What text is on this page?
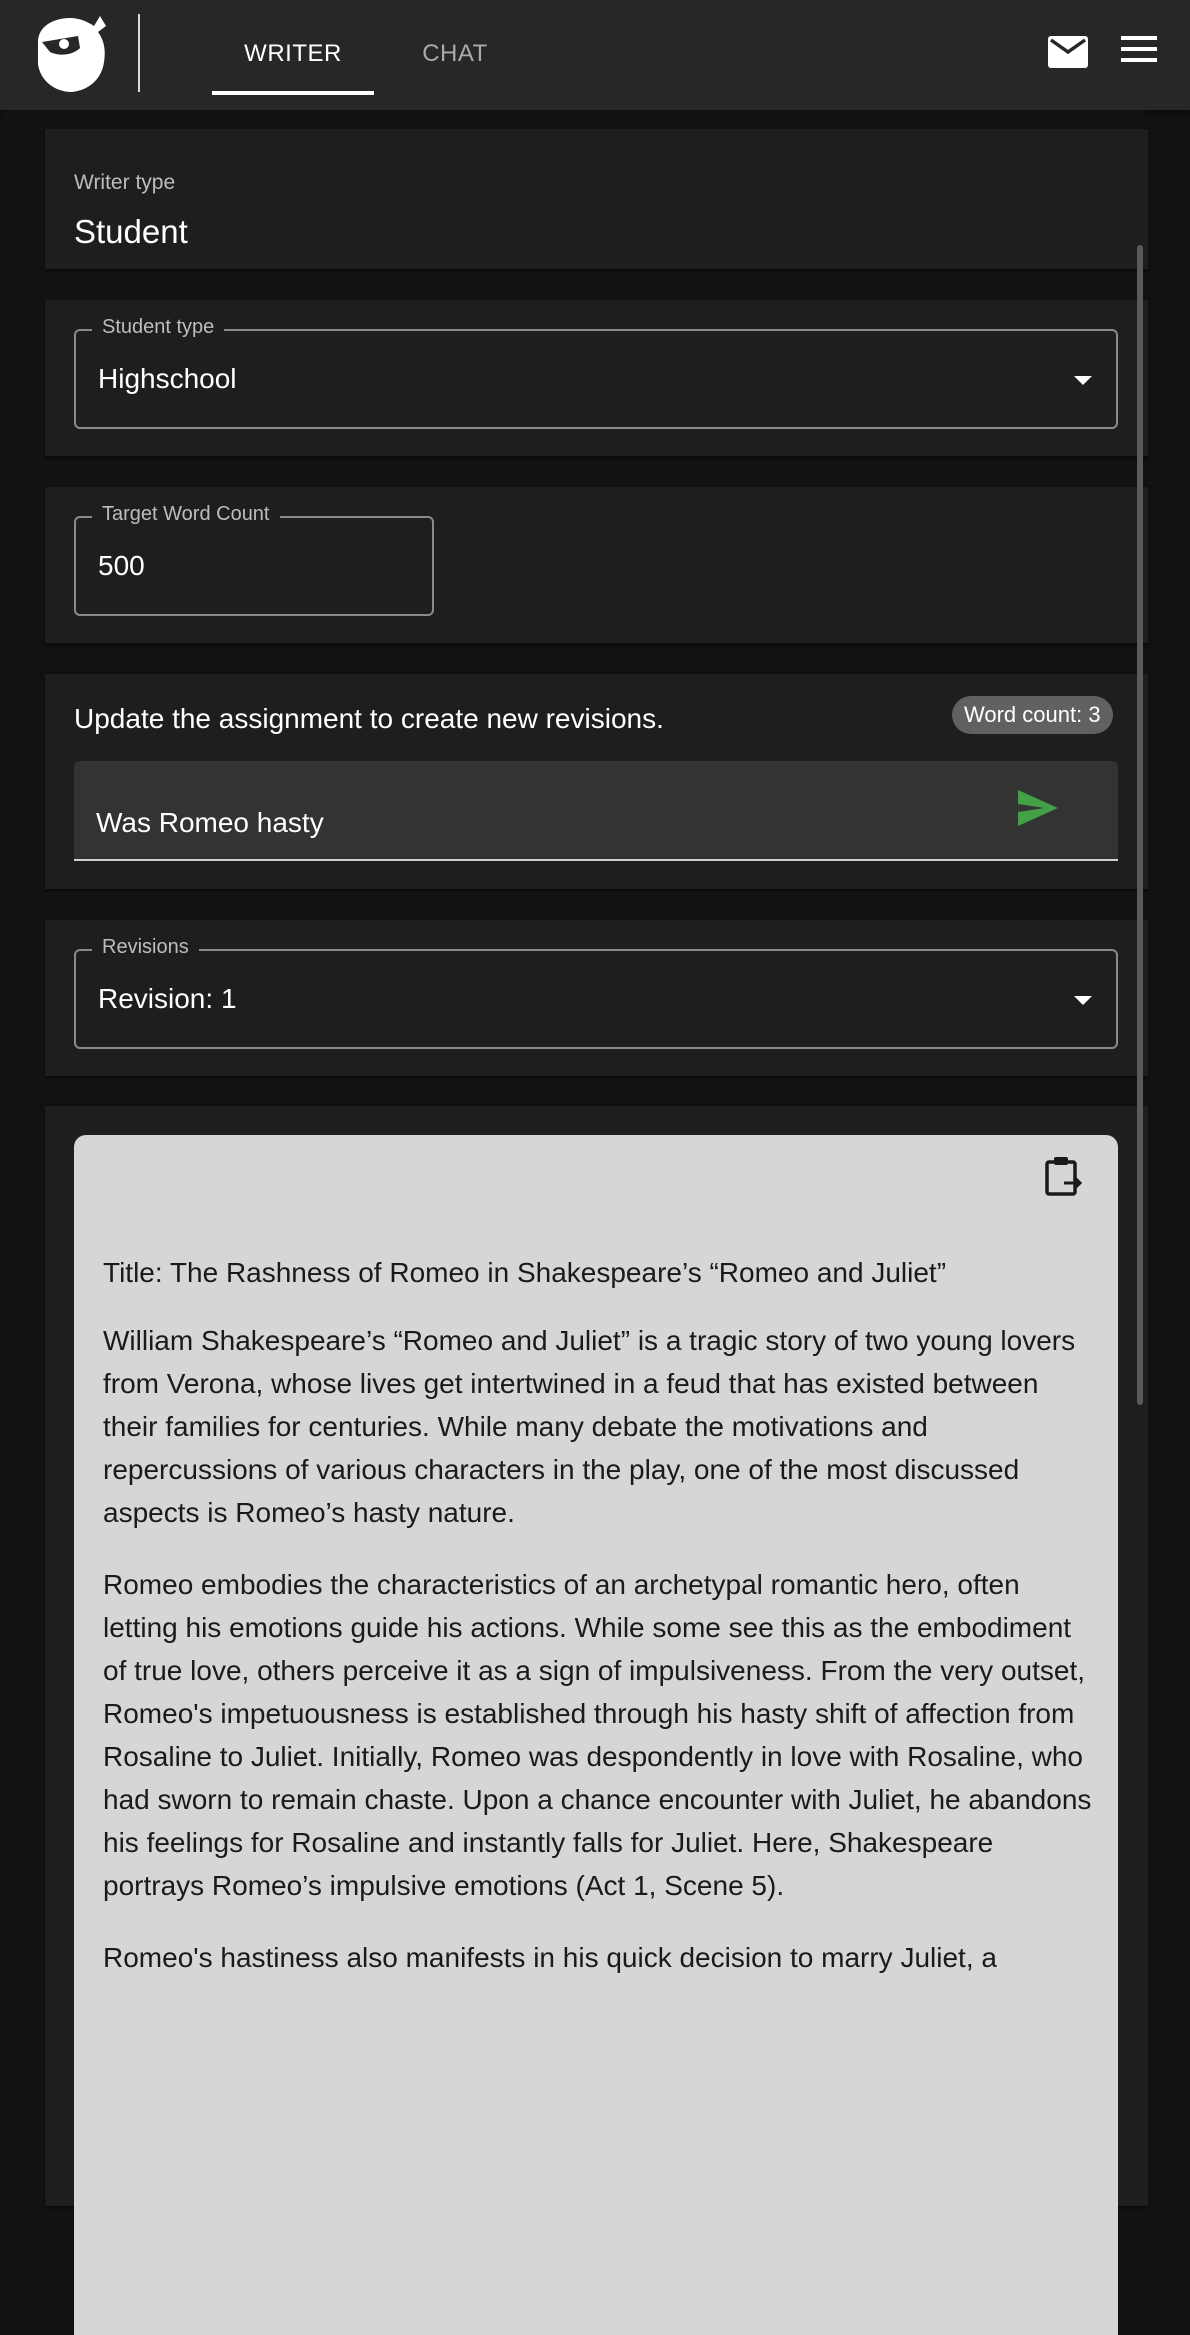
WRITER	CHAT
Writer type
Student
Student type
Highschool
Target Word Count
500
Update the assignment to create new revisions.	Word count: 3
Was Romeo hasty
Revisions
Revision: 1
Title: The Rashness of Romeo in Shakespeare’s “Romeo and Juliet”

William Shakespeare’s “Romeo and Juliet” is a tragic story of two young lovers from Verona, whose lives get intertwined in a feud that has existed between their families for centuries. While many debate the motivations and repercussions of various characters in the play, one of the most discussed aspects is Romeo’s hasty nature.

Romeo embodies the characteristics of an archetypal romantic hero, often letting his emotions guide his actions. While some see this as the embodiment of true love, others perceive it as a sign of impulsiveness. From the very outset, Romeo's impetuousness is established through his hasty shift of affection from Rosaline to Juliet. Initially, Romeo was despondently in love with Rosaline, who had sworn to remain chaste. Upon a chance encounter with Juliet, he abandons his feelings for Rosaline and instantly falls for Juliet. Here, Shakespeare portrays Romeo’s impulsive emotions (Act 1, Scene 5).

Romeo's hastiness also manifests in his quick decision to marry Juliet, a
